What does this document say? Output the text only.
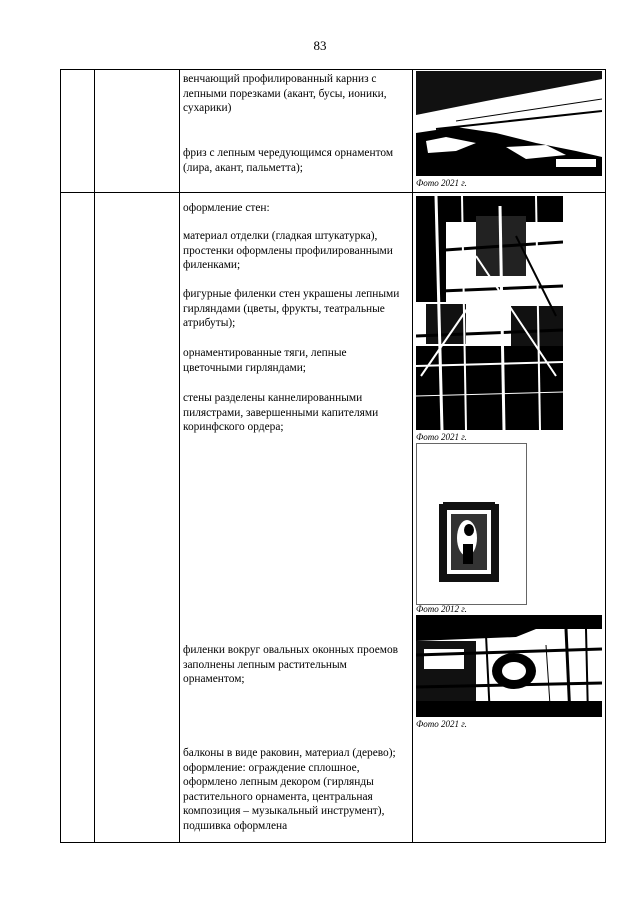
83
венчающий профилированный карниз с лепными порезками (акант, бусы, ионики, сухарики)
фриз с лепным чередующимся орнаментом (лира, акант, пальметта);
Фото 2021 г.
оформление стен:
материал отделки (гладкая штукатурка), простенки оформлены профилированными филенками;
фигурные филенки стен украшены лепными гирляндами (цветы, фрукты, театральные атрибуты);
орнаментированные тяги, лепные цветочными гирляндами;
стены разделены каннелированными пилястрами, завершенными капителями коринфского ордера;
филенки вокруг овальных оконных проемов заполнены лепным растительным орнаментом;
балконы в виде раковин, материал (дерево); оформление: ограждение сплошное, оформлено лепным декором (гирлянды растительного орнамента, центральная композиция – музыкальный инструмент), подшивка оформлена
Фото 2021 г.
Фото 2012 г.
Фото 2021 г.
